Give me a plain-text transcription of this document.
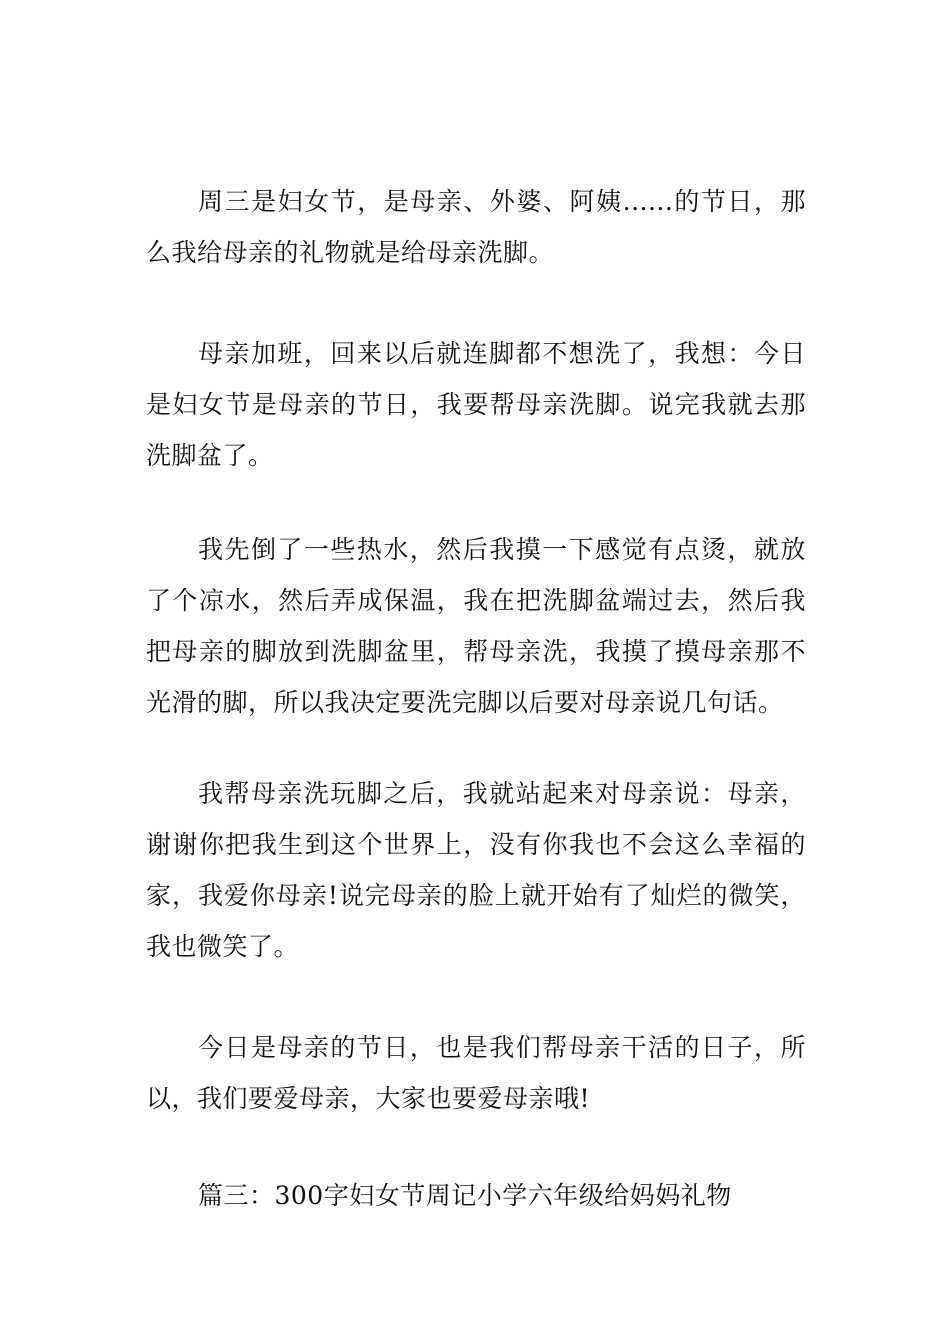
周三是妇女节，是母亲、外婆、阿姨......的节日，那么我给母亲的礼物就是给母亲洗脚。

母亲加班，回来以后就连脚都不想洗了，我想：今日是妇女节是母亲的节日，我要帮母亲洗脚。说完我就去那洗脚盆了。

我先倒了一些热水，然后我摸一下感觉有点烫，就放了个凉水，然后弄成保温，我在把洗脚盆端过去，然后我把母亲的脚放到洗脚盆里，帮母亲洗，我摸了摸母亲那不光滑的脚，所以我决定要洗完脚以后要对母亲说几句话。

我帮母亲洗玩脚之后，我就站起来对母亲说：母亲，谢谢你把我生到这个世界上，没有你我也不会这么幸福的家，我爱你母亲!说完母亲的脸上就开始有了灿烂的微笑，我也微笑了。

今日是母亲的节日，也是我们帮母亲干活的日子，所以，我们要爱母亲，大家也要爱母亲哦!

篇三：300字妇女节周记小学六年级给妈妈礼物
